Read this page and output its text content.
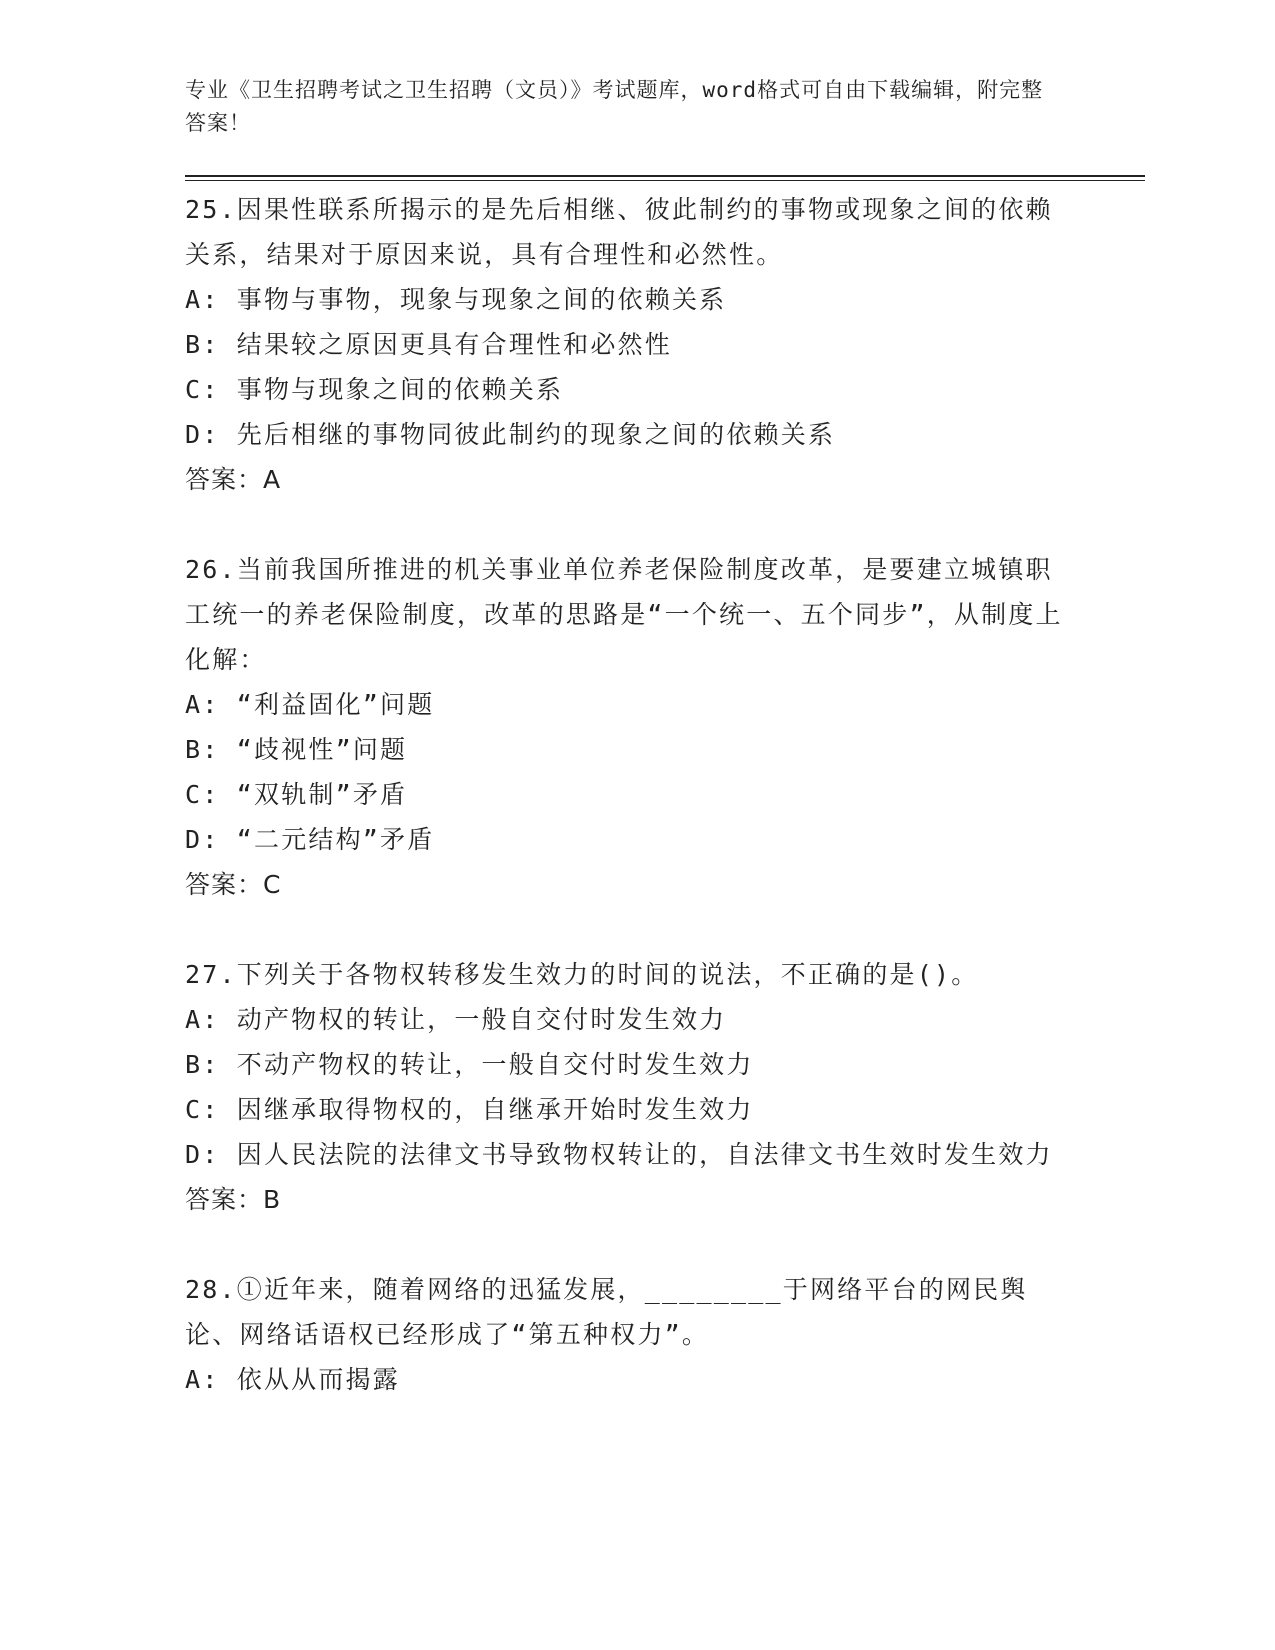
专业《卫生招聘考试之卫生招聘（文员）》考试题库，word格式可自由下载编辑，附完整答案！

25.因果性联系所揭示的是先后相继、彼此制约的事物或现象之间的依赖关系，结果对于原因来说，具有合理性和必然性。

A: 事物与事物，现象与现象之间的依赖关系

B: 结果较之原因更具有合理性和必然性

C: 事物与现象之间的依赖关系

D: 先后相继的事物同彼此制约的现象之间的依赖关系

答案：A

26.当前我国所推进的机关事业单位养老保险制度改革，是要建立城镇职工统一的养老保险制度，改革的思路是“一个统一、五个同步”，从制度上化解：

A: “利益固化”问题

B: “歧视性”问题

C: “双轨制”矛盾

D: “二元结构”矛盾

答案：C

27.下列关于各物权转移发生效力的时间的说法，不正确的是()。

A: 动产物权的转让，一般自交付时发生效力

B: 不动产物权的转让，一般自交付时发生效力

C: 因继承取得物权的，自继承开始时发生效力

D: 因人民法院的法律文书导致物权转让的，自法律文书生效时发生效力

答案：B

28.①近年来，随着网络的迅猛发展，________于网络平台的网民舆论、网络话语权已经形成了“第五种权力”。

A: 依从从而揭露
